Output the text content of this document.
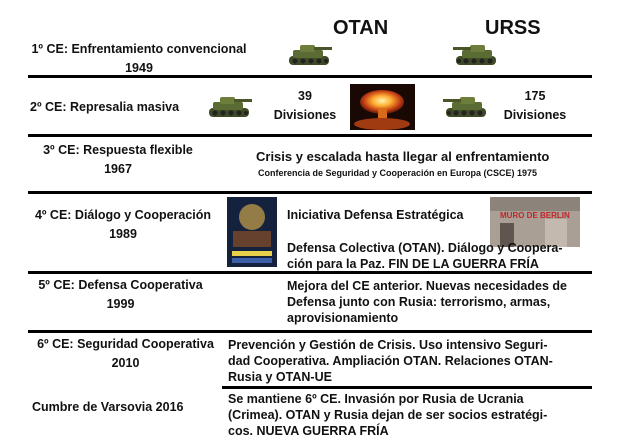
OTAN	URSS
1º CE: Enfrentamiento convencional
1949
2º CE: Represalia masiva
39
Divisiones
175
Divisiones
3º CE: Respuesta flexible
1967
Crisis y escalada hasta llegar al enfrentamiento
Conferencia de Seguridad y Cooperación en Europa (CSCE) 1975
4º CE: Diálogo y Cooperación
1989
Iniciativa Defensa Estratégica	MURO DE BERLIN
Defensa Colectiva (OTAN). Diálogo y Coopera-
ción para la Paz. FIN DE LA GUERRA FRÍA
5º CE: Defensa Cooperativa
1999
Mejora del CE anterior. Nuevas necesidades de
Defensa junto con Rusia: terrorismo, armas,
aprovisionamiento
6º CE: Seguridad Cooperativa
2010
Prevención y Gestión de Crisis. Uso intensivo Seguri-
dad Cooperativa. Ampliación OTAN. Relaciones OTAN-
Rusia y OTAN-UE
Cumbre de Varsovia 2016
Se mantiene 6º CE. Invasión por Rusia de Ucrania
(Crimea). OTAN y Rusia dejan de ser socios estratégi-
cos. NUEVA GUERRA FRÍA
